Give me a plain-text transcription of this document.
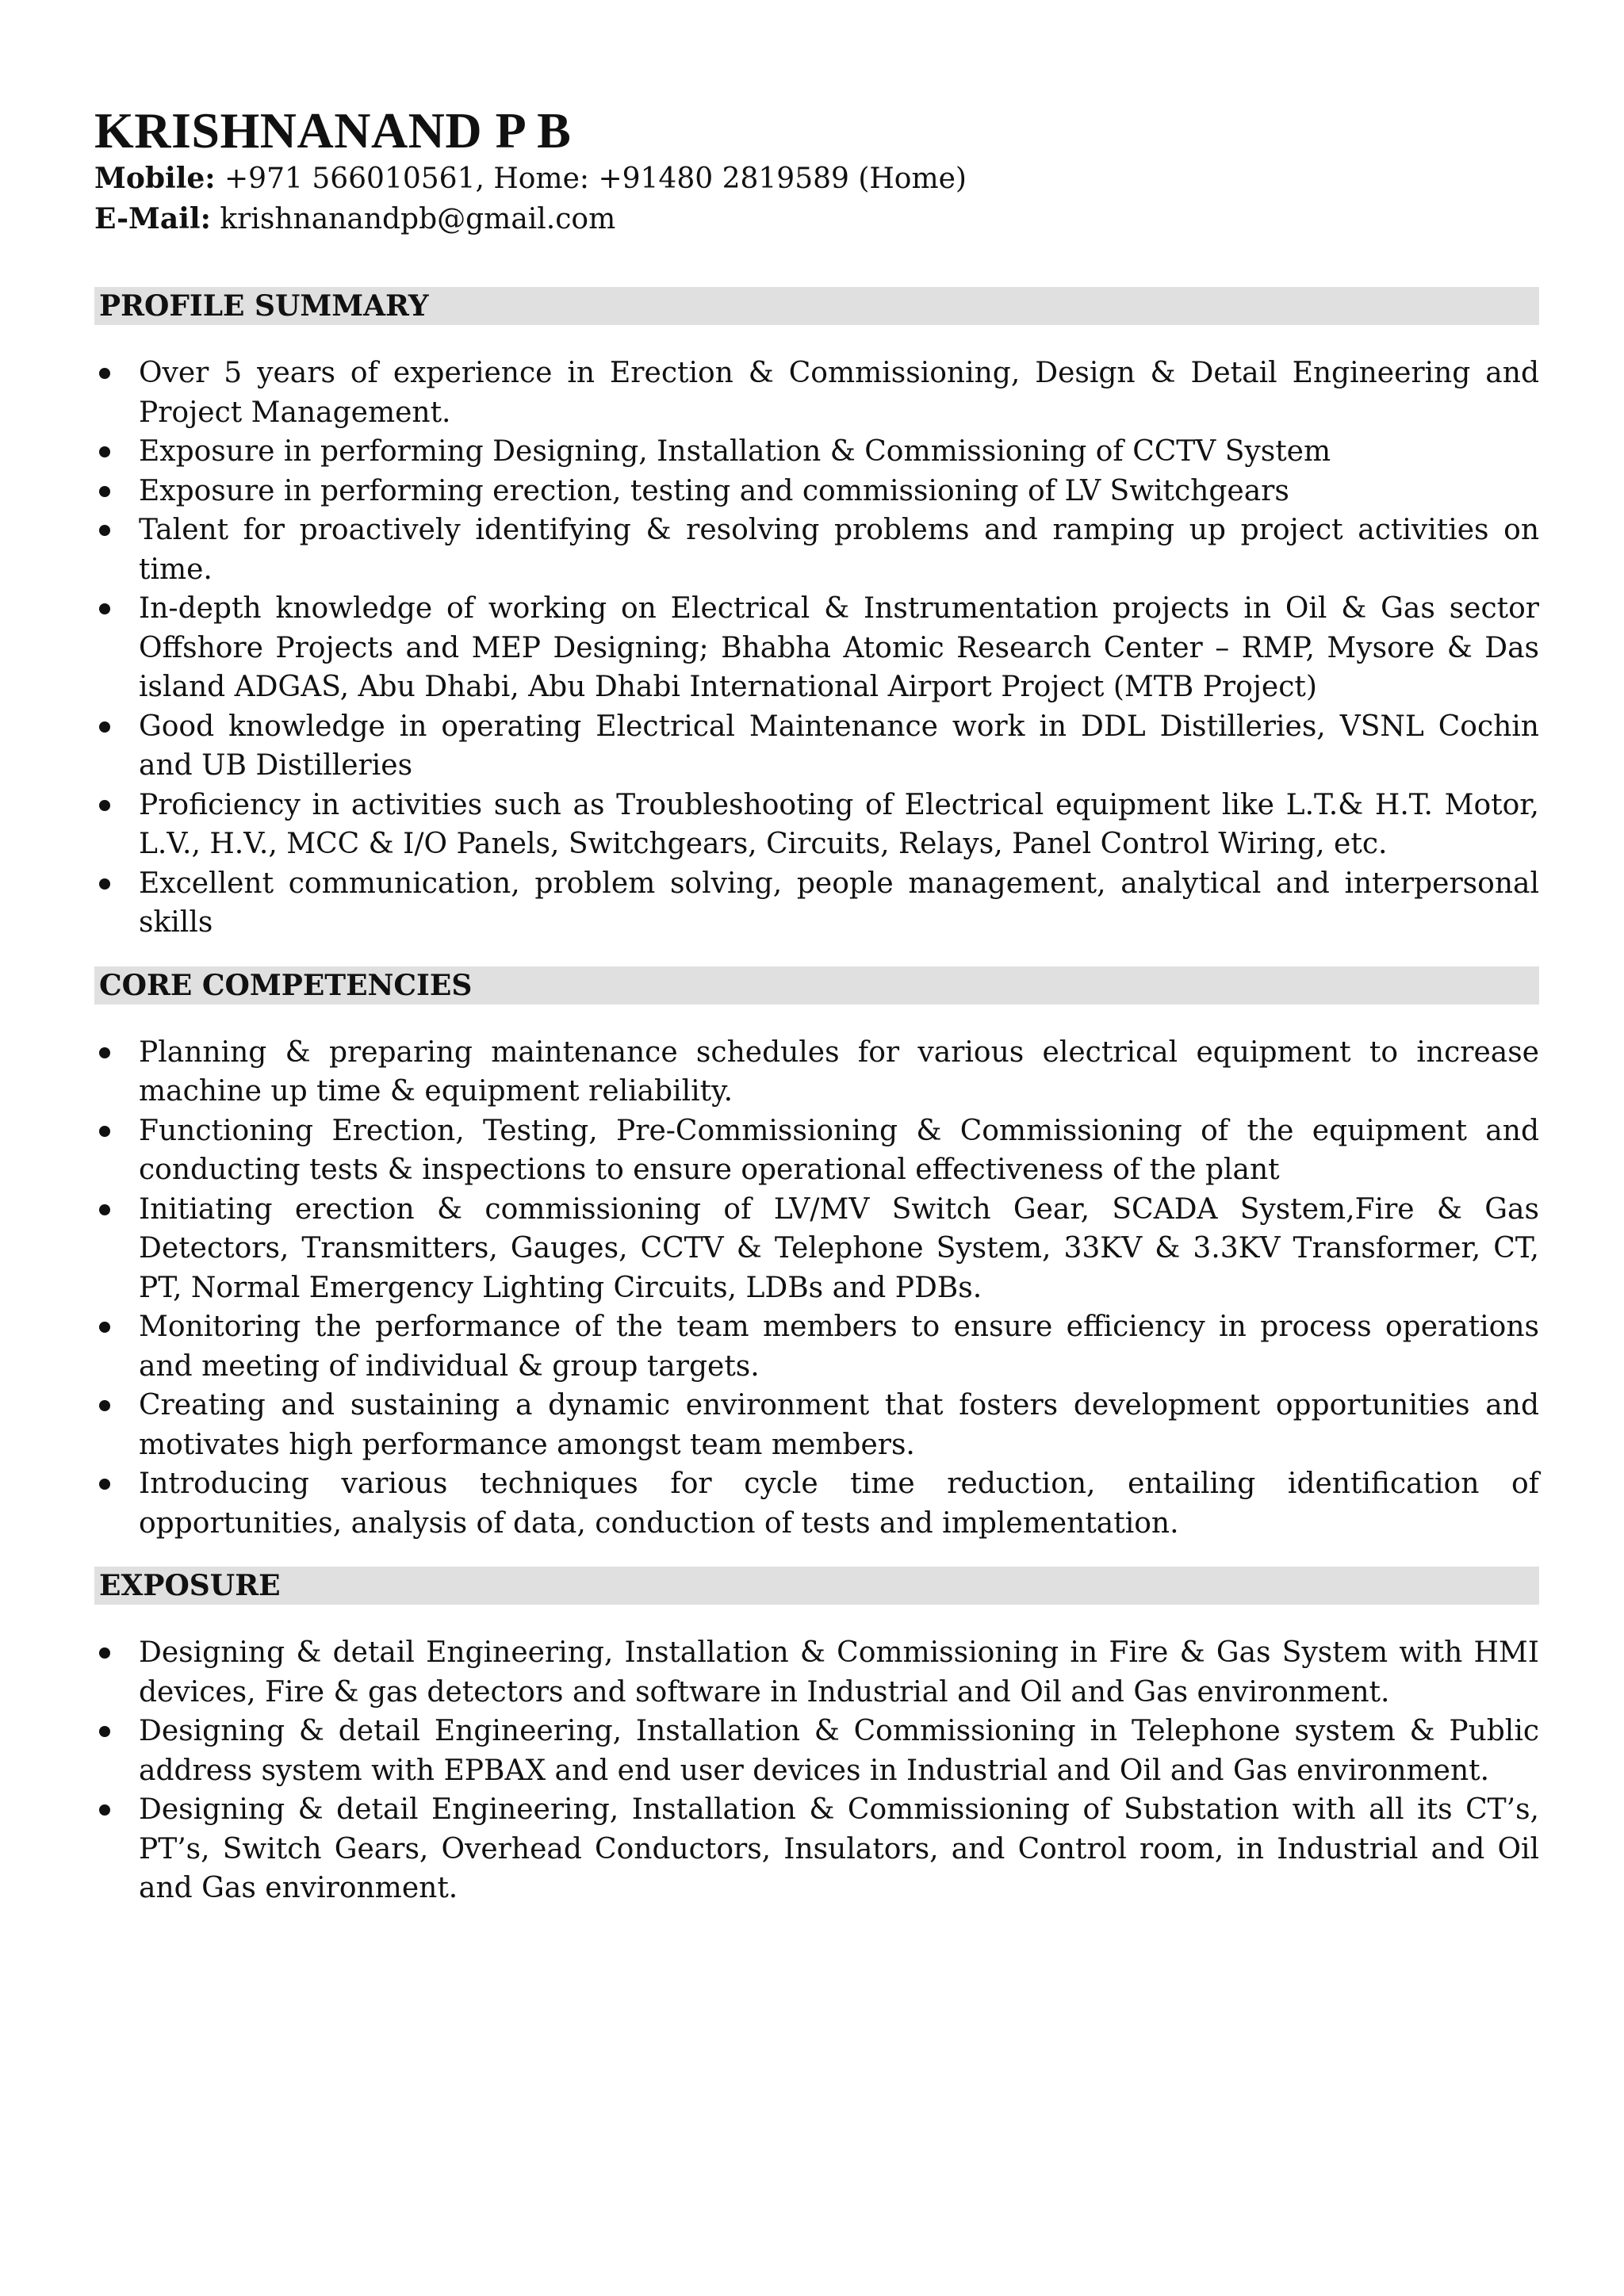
KRISHNANAND P B

Mobile: +971 566010561, Home: +91480 2819589 (Home)

E-Mail: krishnanandpb@gmail.com

PROFILE SUMMARY
Over 5 years of experience in Erection & Commissioning, Design & Detail Engineering and Project Management.
Exposure in performing Designing, Installation & Commissioning of CCTV System
Exposure in performing erection, testing and commissioning of LV Switchgears
Talent for proactively identifying & resolving problems and ramping up project activities on time.
In-depth knowledge of working on Electrical & Instrumentation projects in Oil & Gas sector Offshore Projects and MEP Designing; Bhabha Atomic Research Center – RMP, Mysore & Das island ADGAS, Abu Dhabi, Abu Dhabi International Airport Project (MTB Project)
Good knowledge in operating Electrical Maintenance work in DDL Distilleries, VSNL Cochin and UB Distilleries
Proficiency in activities such as Troubleshooting of Electrical equipment like L.T.& H.T. Motor, L.V., H.V., MCC & I/O Panels, Switchgears, Circuits, Relays, Panel Control Wiring, etc.
Excellent communication, problem solving, people management, analytical and interpersonal skills
CORE COMPETENCIES
Planning & preparing maintenance schedules for various electrical equipment to increase machine up time & equipment reliability.
Functioning Erection, Testing, Pre-Commissioning & Commissioning of the equipment and conducting tests & inspections to ensure operational effectiveness of the plant
Initiating erection & commissioning of LV/MV Switch Gear, SCADA System,Fire & Gas Detectors, Transmitters, Gauges, CCTV & Telephone System, 33KV & 3.3KV Transformer, CT, PT, Normal Emergency Lighting Circuits, LDBs and PDBs.
Monitoring the performance of the team members to ensure efficiency in process operations and meeting of individual & group targets.
Creating and sustaining a dynamic environment that fosters development opportunities and motivates high performance amongst team members.
Introducing various techniques for cycle time reduction, entailing identification of opportunities, analysis of data, conduction of tests and implementation.
EXPOSURE
Designing & detail Engineering, Installation & Commissioning in Fire & Gas System with HMI devices, Fire & gas detectors and software in Industrial and Oil and Gas environment.
Designing & detail Engineering, Installation & Commissioning in Telephone system & Public address system with EPBAX and end user devices in Industrial and Oil and Gas environment.
Designing & detail Engineering, Installation & Commissioning of Substation with all its CT’s, PT’s, Switch Gears, Overhead Conductors, Insulators, and Control room, in Industrial and Oil and Gas environment.
